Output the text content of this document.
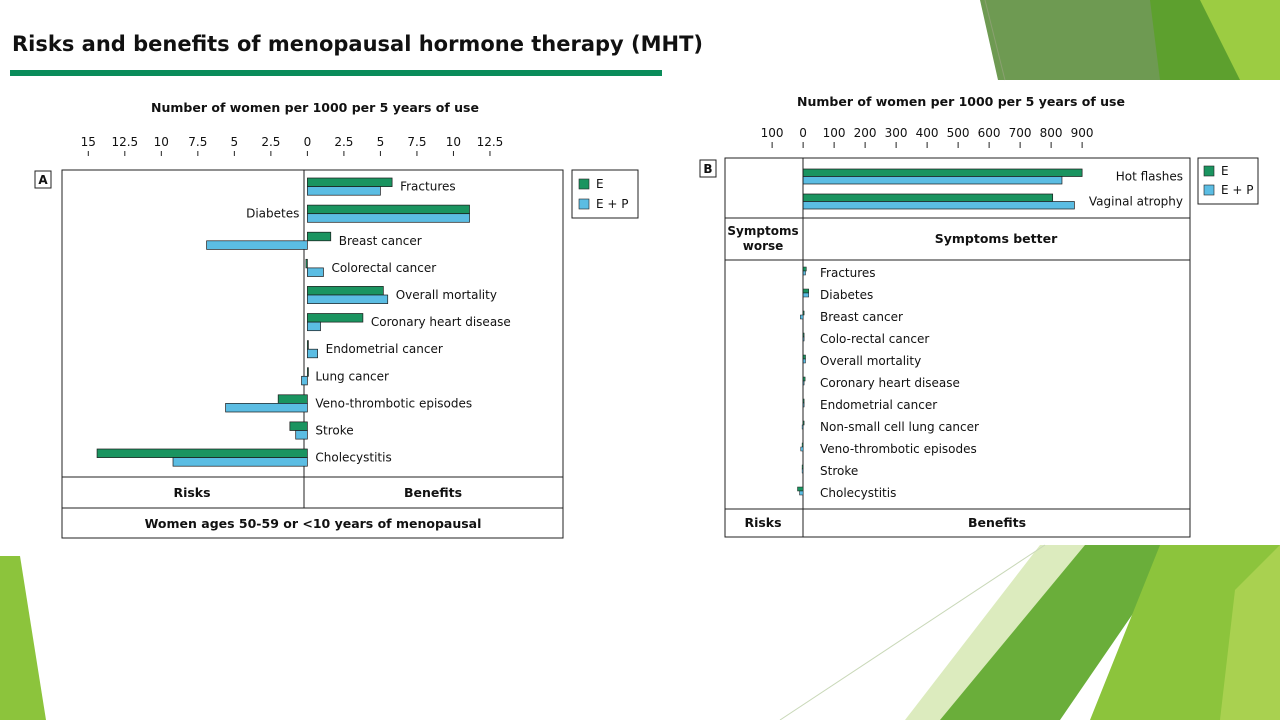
Risks and benefits of menopausal hormone therapy (MHT)
Number of women per 1000 per 5 years of use
15 12.5 10 7.5 5 2.5 0 2.5 5 7.5 10 12.5
A	Fractures
Diabetes
Breast cancer
Colorectal cancer
Overall mortality
Coronary heart disease
Endometrial cancer
Lung cancer
Veno-thrombotic episodes
Stroke
Cholecystitis
Risks	Benefits
Women ages 50-59 or <10 years of menopausal
E
E + P
Number of women per 1000 per 5 years of use
100 0 100 200 300 400 500 600 700 800 900
B
Hot flashes
Vaginal atrophy
Symptoms worse	Symptoms better
Fractures
Diabetes
Breast cancer
Colo-rectal cancer
Overall mortality
Coronary heart disease
Endometrial cancer
Non-small cell lung cancer
Veno-thrombotic episodes
Stroke
Cholecystitis
Risks	Benefits
E
E + P
